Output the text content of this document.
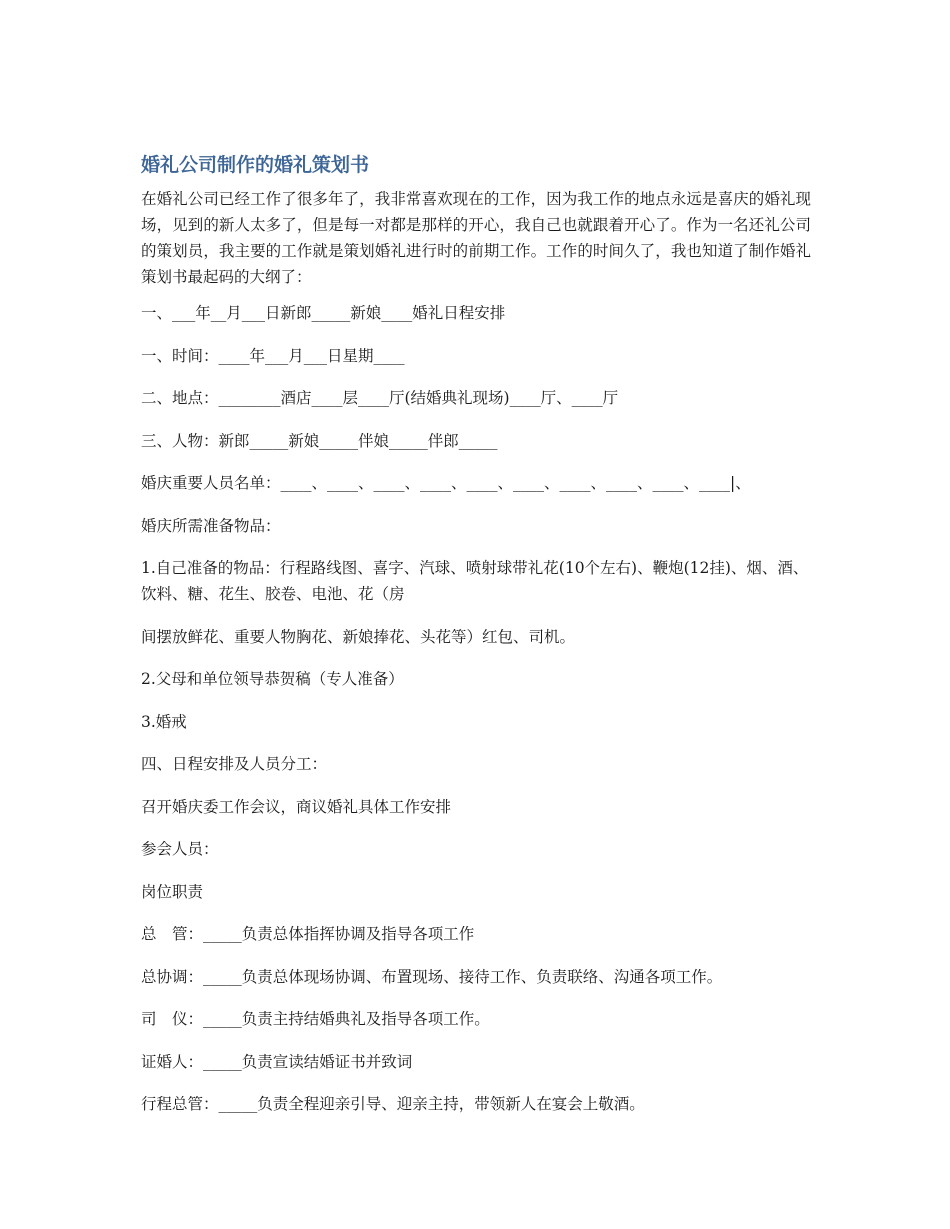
婚礼公司制作的婚礼策划书

在婚礼公司已经工作了很多年了，我非常喜欢现在的工作，因为我工作的地点永远是喜庆的婚礼现场，见到的新人太多了，但是每一对都是那样的开心，我自己也就跟着开心了。作为一名还礼公司的策划员，我主要的工作就是策划婚礼进行时的前期工作。工作的时间久了，我也知道了制作婚礼策划书最起码的大纲了：

一、___年__月___日新郎_____新娘____婚礼日程安排

一、时间：____年___月___日星期____

二、地点：________酒店____层____厅(结婚典礼现场)____厅、____厅

三、人物：新郎_____新娘_____伴娘_____伴郎_____

婚庆重要人员名单：____、____、____、____、____、____、____、____、____、____|、

婚庆所需准备物品：

1.自己准备的物品：行程路线图、喜字、汽球、喷射球带礼花(10个左右)、鞭炮(12挂)、烟、酒、饮料、糖、花生、胶卷、电池、花（房

间摆放鲜花、重要人物胸花、新娘捧花、头花等）红包、司机。

2.父母和单位领导恭贺稿（专人准备）

3.婚戒

四、日程安排及人员分工：

召开婚庆委工作会议，商议婚礼具体工作安排

参会人员：

岗位职责

总　管：_____负责总体指挥协调及指导各项工作

总协调：_____负责总体现场协调、布置现场、接待工作、负责联络、沟通各项工作。

司　仪：_____负责主持结婚典礼及指导各项工作。

证婚人：_____负责宣读结婚证书并致词

行程总管：_____负责全程迎亲引导、迎亲主持，带领新人在宴会上敬酒。
